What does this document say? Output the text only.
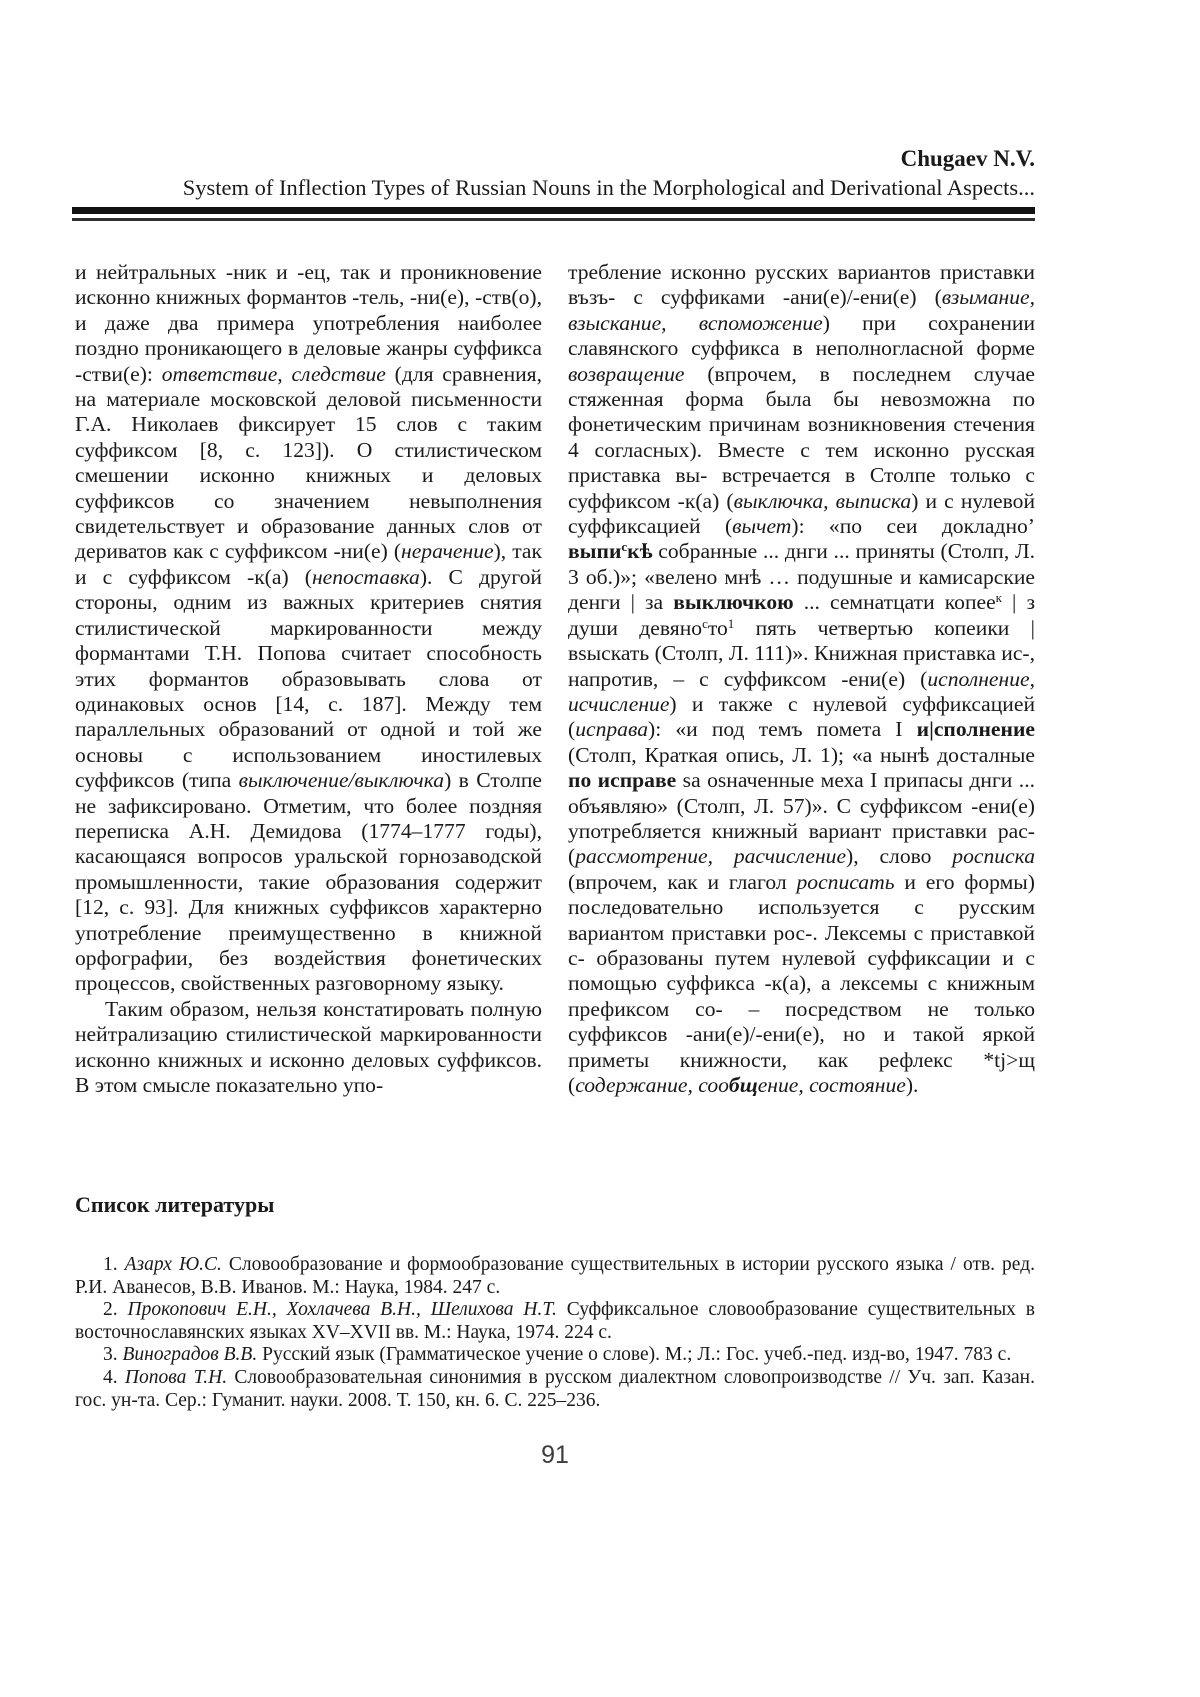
Chugaev N.V.
System of Inflection Types of Russian Nouns in the Morphological and Derivational Aspects...

и нейтральных -ник и -ец, так и проникновение исконно книжных формантов -тель, -ни(е), -ств(о), и даже два примера употребления наиболее поздно проникающего в деловые жанры суффикса -стви(е): ответствие, следствие (для сравнения, на материале московской деловой письменности Г.А. Николаев фиксирует 15 слов с таким суффиксом [8, с. 123]). О стилистическом смешении исконно книжных и деловых суффиксов со значением невыполнения свидетельствует и образование данных слов от дериватов как с суффиксом -ни(е) (нерачение), так и с суффиксом -к(а) (непоставка). С другой стороны, одним из важных критериев снятия стилистической маркированности между формантами Т.Н. Попова считает способность этих формантов образовывать слова от одинаковых основ [14, с. 187]. Между тем параллельных образований от одной и той же основы с использованием иностилевых суффиксов (типа выключение/выключка) в Столпе не зафиксировано. Отметим, что более поздняя переписка А.Н. Демидова (1774–1777 годы), касающаяся вопросов уральской горнозаводской промышленности, такие образования содержит [12, с. 93]. Для книжных суффиксов характерно употребление преимущественно в книжной орфографии, без воздействия фонетических процессов, свойственных разговорному языку.

Таким образом, нельзя констатировать полную нейтрализацию стилистической маркированности исконно книжных и исконно деловых суффиксов. В этом смысле показательно упо-

требление исконно русских вариантов приставки възъ- с суффиками -ани(е)/-ени(е) (взымание, взыскание, вспоможение) при сохранении славянского суффикса в неполногласной форме возвращение (впрочем, в последнем случае стяженная форма была бы невозможна по фонетическим причинам возникновения стечения 4 согласных). Вместе с тем исконно русская приставка вы- встречается в Столпе только с суффиксом -к(а) (выключка, выписка) и с нулевой суффиксацией (вычет): «по сеи докладно’ выпи$^с$кѣ собранные ... днги ... приняты (Столп, Л. 3 об.)»; «велено мнѣ … подушные и камисарские денги | за выключкою ... семнатцати копее$^к$ | з души $девяно^сто^1$ пять четвертью копеики | вsыскать (Столп, Л. 111)». Книжная приставка ис-, напротив, – с суффиксом -ени(е) (исполнение, исчисление) и также с нулевой суффиксацией (исправа): «и под темъ помета I и|сполнение (Столп, Краткая опись, Л. 1); «а нынѣ досталные по исправе sa оsначенные меха I припасы днги ... объявляю» (Столп, Л. 57)». С суффиксом -ени(е) употребляется книжный вариант приставки рас- (рассмотрение, расчисление), слово росписка (впрочем, как и глагол росписать и его формы) последовательно используется с русским вариантом приставки рос-. Лексемы с приставкой с- образованы путем нулевой суффиксации и с помощью суффикса -к(а), а лексемы с книжным префиксом со- – посредством не только суффиксов -ани(е)/-ени(е), но и такой яркой приметы книжности, как рефлекс *tj>щ (содержание, сообщение, состояние).

Список литературы

1. Азарх Ю.С. Словообразование и формообразование существительных в истории русского языка / отв. ред. Р.И. Аванесов, В.В. Иванов. М.: Наука, 1984. 247 с.

2. Прокопович Е.Н., Хохлачева В.Н., Шелихова Н.Т. Суффиксальное словообразование существительных в восточнославянских языках XV–XVII вв. М.: Наука, 1974. 224 с.

3. Виноградов В.В. Русский язык (Грамматическое учение о слове). М.; Л.: Гос. учеб.-пед. изд-во, 1947. 783 с.

4. Попова Т.Н. Словообразовательная синонимия в русском диалектном словопроизводстве // Уч. зап. Казан. гос. ун-та. Сер.: Гуманит. науки. 2008. Т. 150, кн. 6. С. 225–236.

91
